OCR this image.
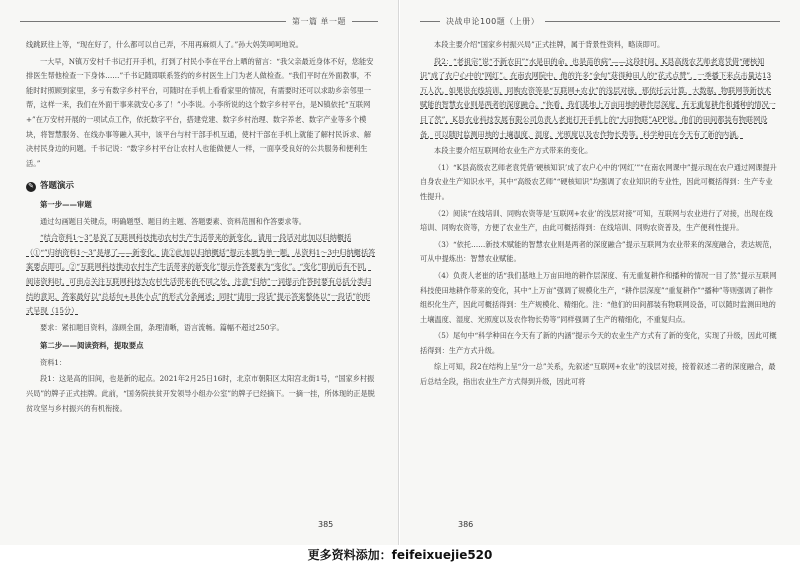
第一篇 单一题

线跳跃往上等，“现在好了，什么都可以自己弄，不用再麻烦人了。”孙大妈笑呵呵地说。

一大早，N镇万安村千书记打开手机，打到了村民小李在平台上晒的留言：“我父亲最近身体不好，您能安排医生帮他检查一下身体……”千书记随即联系签约的乡村医生上门为老人做检查。“我们平时在外面教事，不能时时照顾到家里，多亏有数字乡村平台，可随时在手机上看看家里的情况，有需要时还可以求助乡亲邻里一帮，这样一来，我们在外面干事来就安心多了！”小李说。小李所说的这个数字乡村平台，是N镇依托“互联网+”在万安村开展的一项试点工作，依托数字平台，搭建党建、数字乡村治理、数字养老、数字产业等多个模块，将智慧服务、在线办事等融入其中，该平台与村干部手机互通，使村干部在手机上就能了解村民诉求、解决村民身边的问题。千书记说：“数字乡村平台让农村人也能做便人一样，一面享受良好的公共服务和便利生活。”

✎ 答题演示
第一步——审题

通过勾画题目关键点，明确题型、题目的主题、答题要素、资料范围和作答要求等。

“结合资料1～3”是说了互联网科技推动农村生产生活带来的新变化，请用一段话对此加以归纳概括（①“”归纳资料1～3”是规了——新变化，请②此加以归纳概括”提示本题为单一题，从资料1～3中归纳概括答案要点即可。②“互联网科技推动农村生产生活带来的新变化”提示作答要素为“变化”。“变化”即前后有不同，阅读资料时，可串点关注互联网科技为农村生活带来的不同之处，注意“归纳”一词提示作答时要有总括分类归结的意识，答案最好以“总括句+具体小点”的形式分条阐述；同时“请用一段话”提示答案整体以“一段话”的形式呈现（15分）

要求：紧扣题目资料，涤顾全面，条理清晰，语言流畅。篇幅不超过250字。

第二步——阅读资料，提取要点

资料1：

段1：这是高的旧间，也是新的起点。2021年2月25日16时，北京市朝阳区太阳宫北街1号，“国家乡村振兴局”的牌子正式挂牌。此前，“国务院扶贫开发领导小组办公室”的牌子已经摘下。一摘一挂，所体现的正是脱贫攻坚与乡村振兴的有机衔接。

385
决战申论100题（上册）

本段主要介绍“国家乡村振兴局”正式挂牌，属于背景性资料，略读即可。

段2：“老祖宗”说“不新农田”“水是田的命，也是苗的病”——这段时间，K县高级农艺师老袁凭借“硬核知识”成了农户心中的“网红”。在南农网院中，他的许多“金句”获得种田人的“花式点赞”，一季播下来点击量达13万人次。如果说在线培训、同购农资等是“互联网+农业”的浅层对接，那依托云计算、大数据、物联网等新技术赋能的智慧农业则是两者的深度融合。“你看，我们基地上万亩田地的耕作层深度，有无重复耕作和播种的情况一目了然”，K县农业科技发展有限公司负责人老崔打开手机上的“大田物联”APP说。他们的田间都装有物联网设备，可以随时监测田地的土壤温度、湿度、光照度以及农作物长势等。科学种田在今天有了新的内涵。

本段主要介绍互联网给农业生产方式带来的变化。

（1）“K县高级农艺师老袁凭借‘硬核知识’成了农户心中的‘网红’”“在南农网课中”提示现在农户通过网课提升自身农业生产知识水平，其中“高级农艺师”“硬核知识”均强调了农业知识的专业性，因此可概括得到：生产专业性提升。

（2）阅读“在线培训、同购农资等是‘互联网+农业’的浅层对接”可知，互联网与农业进行了对接，出现在线培训、同购农资等，方便了农业生产，由此可概括得到：在线培训、同购农资普及，生产便利性提升。

（3）“依托……新技术赋能的智慧农业则是两者的深度融合”提示互联网为农业带来的深度融合，表达规范，可从中提炼出：智慧农业赋能。

（4）负责人老崔的话“我们基地上万亩田地的耕作层深度、有无重复耕作和播种的情况一目了然”提示互联网科技使田地耕作带来的变化，其中“上万亩”强调了规模化生产，“耕作层深度”“重复耕作”“播种”等则强调了耕作组织化生产，因此可概括得到：生产规模化、精细化。注：“他们的田间都装有物联网设备，可以随时监测田地的土壤温度、湿度、光照度以及农作物长势等”同样强调了生产的精细化，不重复归点。

（5）尾句中“科学种田在今天有了新的内涵”提示今天的农业生产方式有了新的变化，实现了升级，因此可概括得到：生产方式升级。

综上可知，段2在结构上呈“分一总”关系，先叙述“互联网+农业”的浅层对接，接着叙述二者的深度融合，最后总结全段，指出农业生产方式得到升级，因此可将

386
更多资料添加：feifeixuejie520
